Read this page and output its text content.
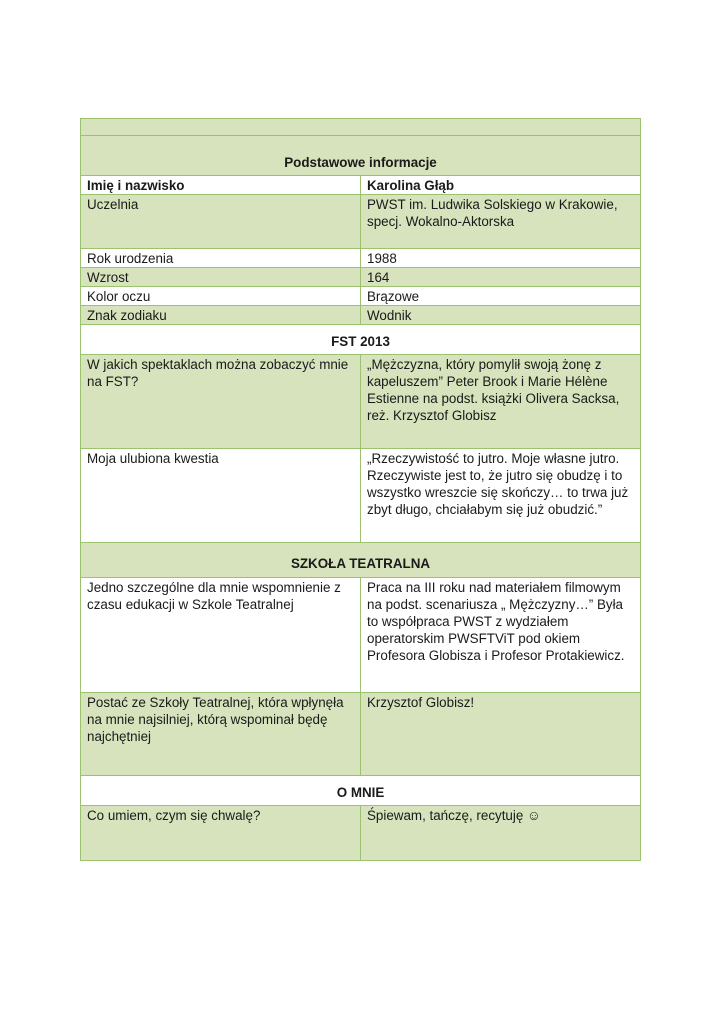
Podstawowe informacje	
Imię i nazwisko	Karolina Głąb
Uczelnia	PWST im. Ludwika Solskiego w Krakowie, specj. Wokalno-Aktorska
Rok urodzenia	1988
Wzrost	164
Kolor oczu	Brązowe
Znak zodiaku	Wodnik
FST 2013	
W jakich spektaklach można zobaczyć mnie na FST?	„Mężczyzna, który pomylił swoją żonę z kapeluszem” Peter Brook i Marie Hélène Estienne na podst. książki Olivera Sacksa, reż. Krzysztof Globisz
Moja ulubiona kwestia	„Rzeczywistość to jutro. Moje własne jutro. Rzeczywiste jest to, że jutro się obudzę i to wszystko wreszcie się skończy… to trwa już zbyt długo, chciałabym się już obudzić.”
SZKOŁA TEATRALNA	
Jedno szczególne dla mnie wspomnienie z czasu edukacji w Szkole Teatralnej	Praca na III roku nad materiałem filmowym na podst. scenariusza „ Mężczyzny…” Była to współpraca PWST z wydziałem operatorskim PWSFTViT pod okiem Profesora Globisza i Profesor Protakiewicz.
Postać ze Szkoły Teatralnej, która wpłynęła na mnie najsilniej, którą wspominał będę najchętniej	Krzysztof Globisz!
O MNIE	
Co umiem, czym się chwalę?	Śpiewam, tańczę, recytuję ☺
